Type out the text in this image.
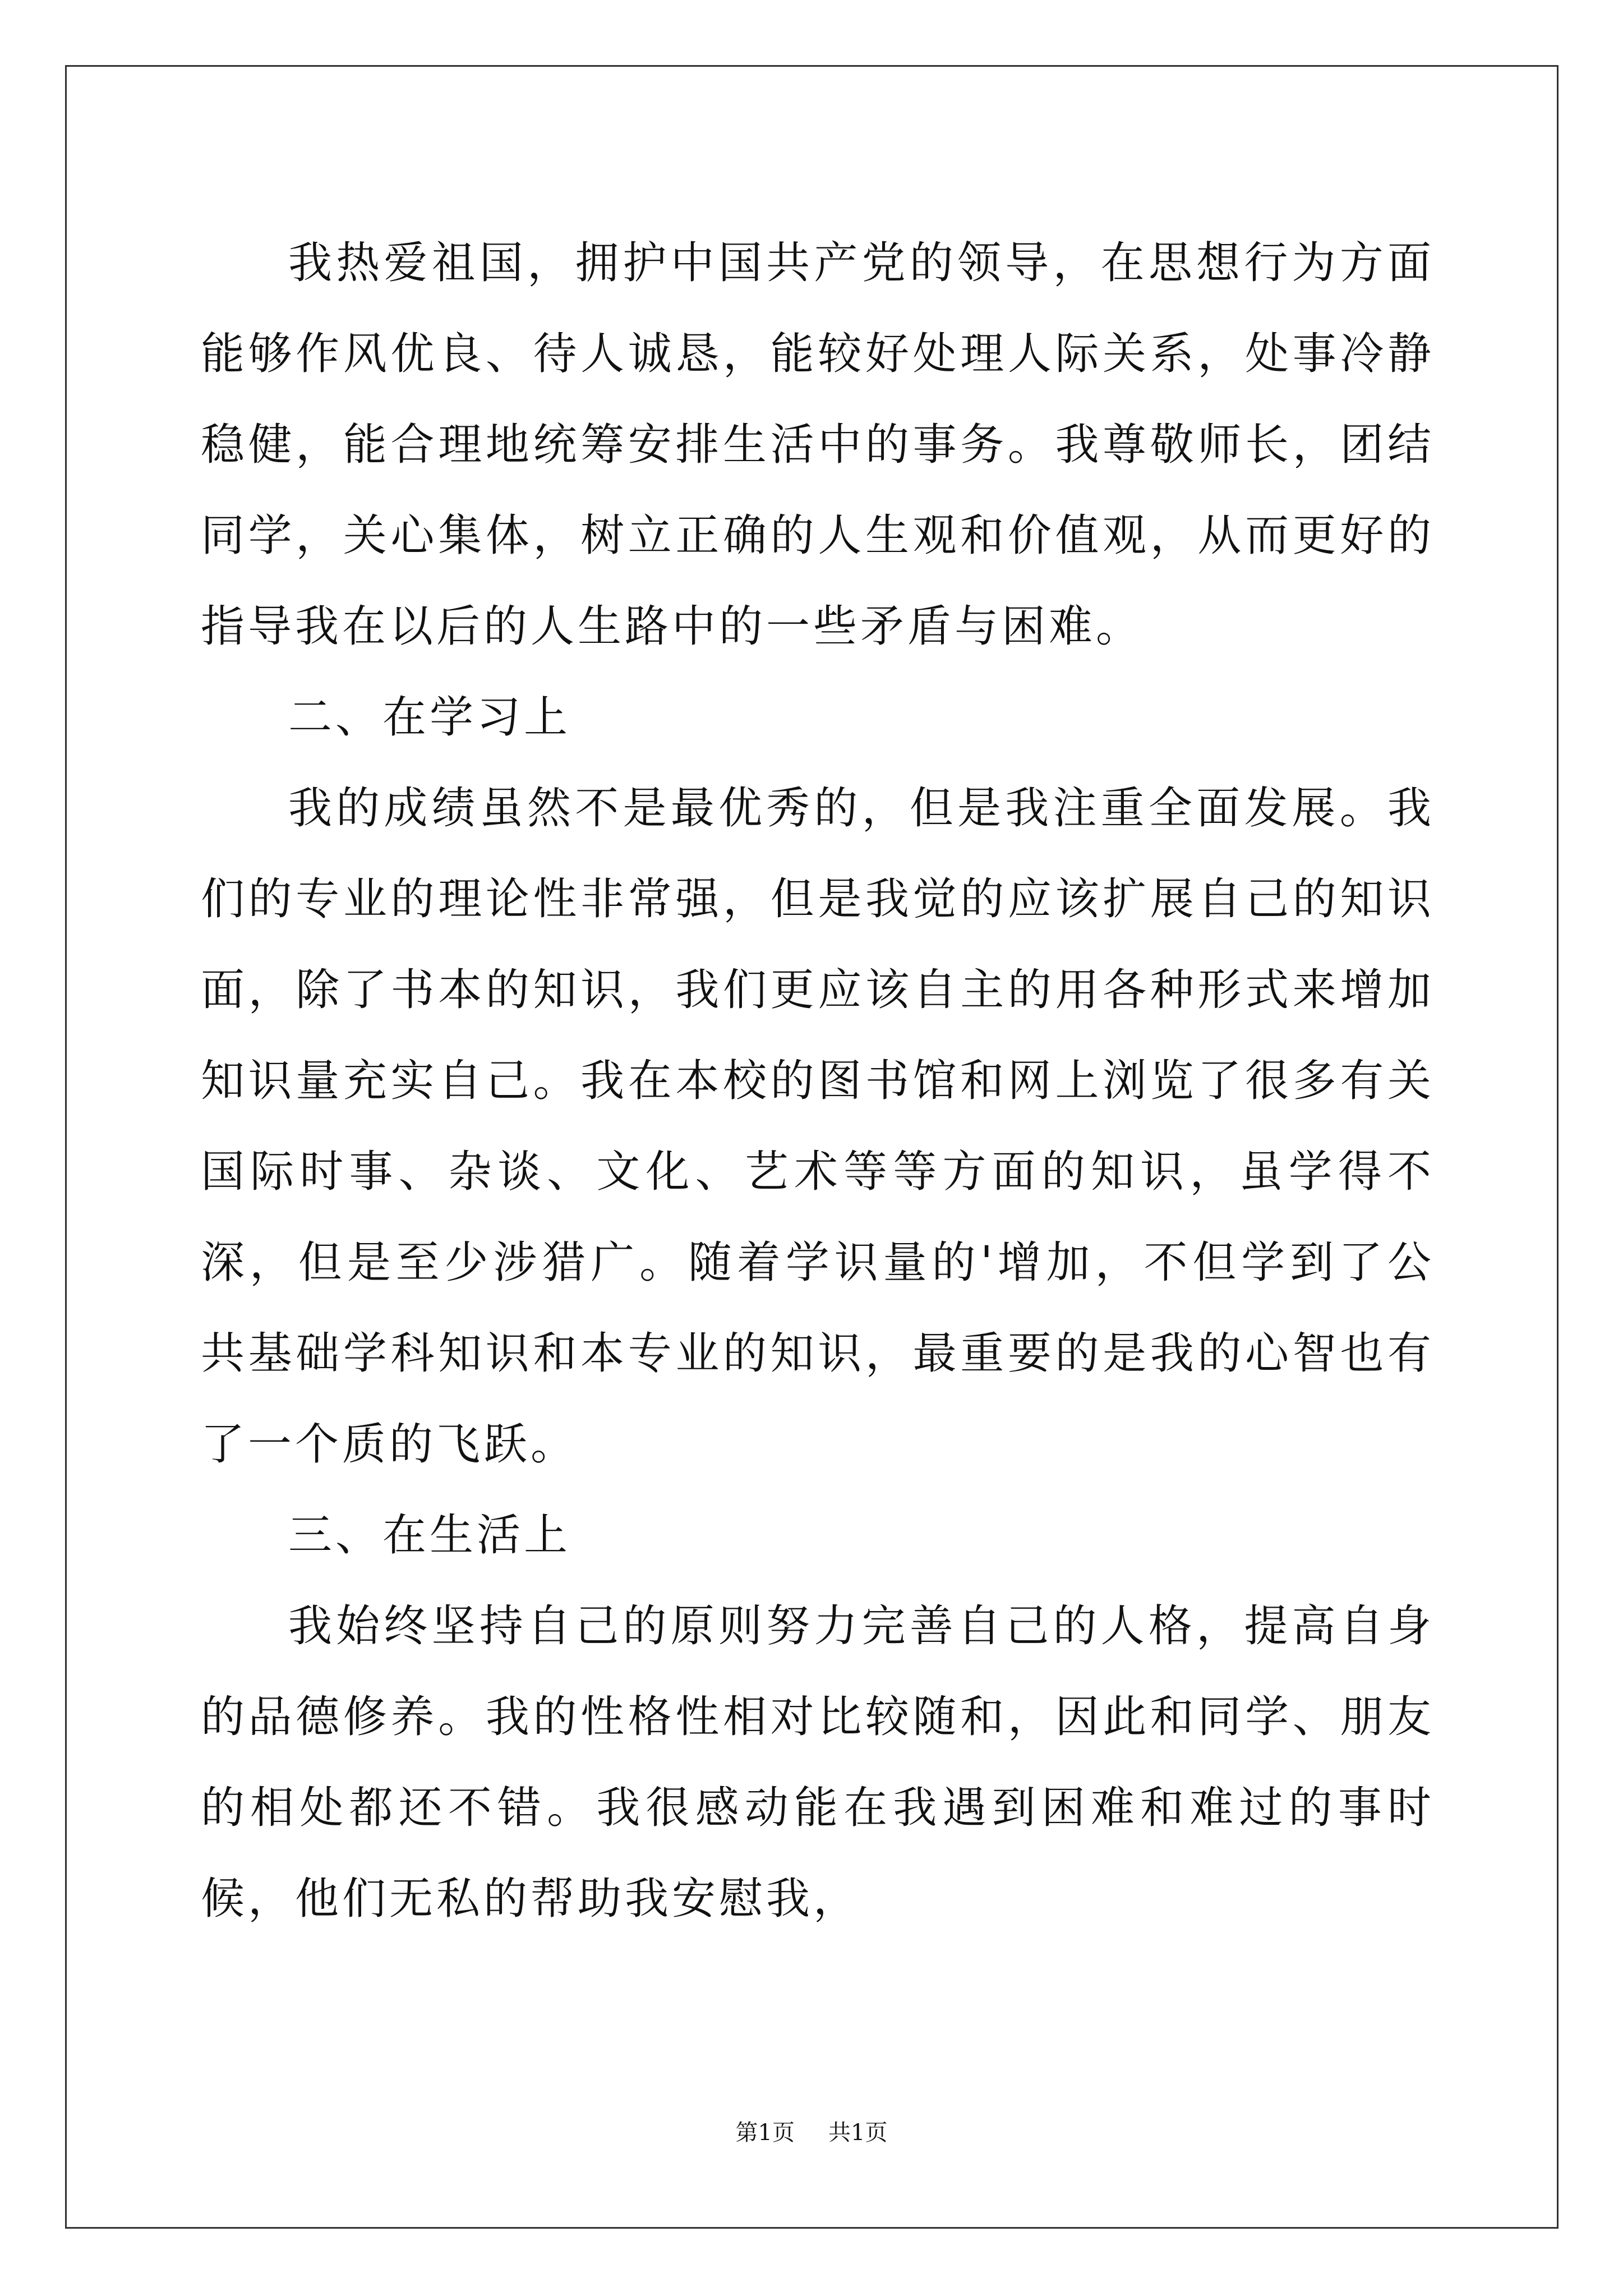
我热爱祖国，拥护中国共产党的领导，在思想行为方面能够作风优良、待人诚恳，能较好处理人际关系，处事冷静稳健，能合理地统筹安排生活中的事务。我尊敬师长，团结同学，关心集体，树立正确的人生观和价值观，从而更好的指导我在以后的人生路中的一些矛盾与困难。

二、在学习上

我的成绩虽然不是最优秀的，但是我注重全面发展。我们的专业的理论性非常强，但是我觉的应该扩展自己的知识面，除了书本的知识，我们更应该自主的用各种形式来增加知识量充实自己。我在本校的图书馆和网上浏览了很多有关国际时事、杂谈、文化、艺术等等方面的知识，虽学得不深，但是至少涉猎广。随着学识量的'增加，不但学到了公共基础学科知识和本专业的知识，最重要的是我的心智也有了一个质的飞跃。

三、在生活上

我始终坚持自己的原则努力完善自己的人格，提高自身的品德修养。我的性格性相对比较随和，因此和同学、朋友的相处都还不错。我很感动能在我遇到困难和难过的事时候，他们无私的帮助我安慰我，

第1页 共1页
